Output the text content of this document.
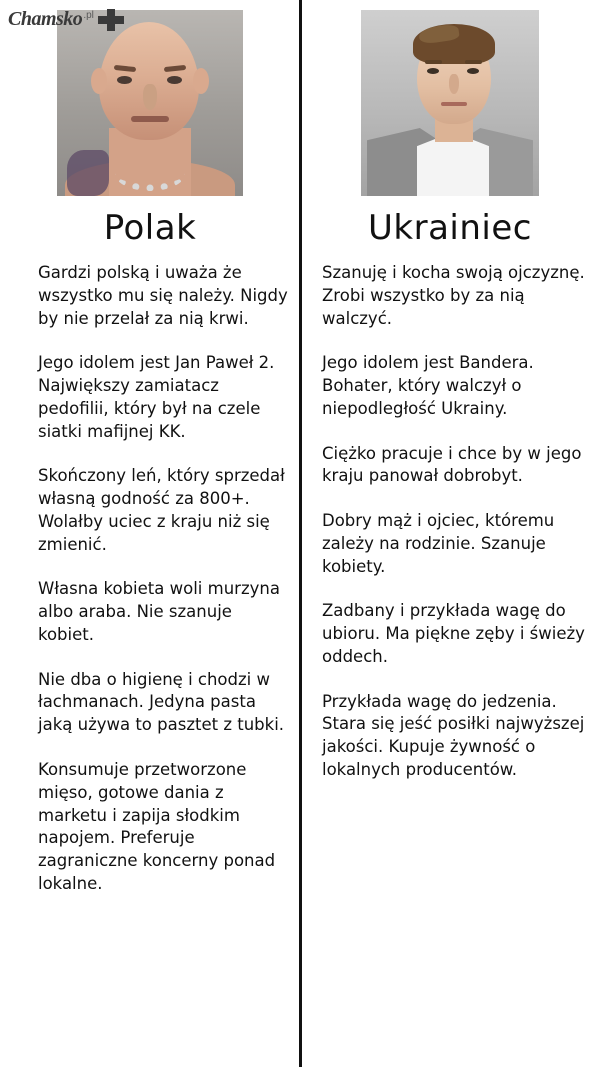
Chamsko .pl
Polak
Gardzi polską i uważa że wszystko mu się należy. Nigdy by nie przelał za nią krwi.
Jego idolem jest Jan Paweł 2. Największy zamiatacz pedofilii, który był na czele siatki mafijnej KK.
Skończony leń, który sprzedał własną godność za 800+. Wolałby uciec z kraju niż się zmienić.
Własna kobieta woli murzyna albo araba. Nie szanuje kobiet.
Nie dba o higienę i chodzi w łachmanach. Jedyna pasta jaką używa to pasztet z tubki.
Konsumuje przetworzone mięso, gotowe dania z marketu i zapija słodkim napojem. Preferuje zagraniczne koncerny ponad lokalne.
Ukrainiec
Szanuję i kocha swoją ojczyznę. Zrobi wszystko by za nią walczyć.
Jego idolem jest Bandera. Bohater, który walczył o niepodległość Ukrainy.
Ciężko pracuje i chce by w jego kraju panował dobrobyt.
Dobry mąż i ojciec, któremu zależy na rodzinie. Szanuje kobiety.
Zadbany i przykłada wagę do ubioru. Ma piękne zęby i świeży oddech.
Przykłada wagę do jedzenia. Stara się jeść posiłki najwyższej jakości. Kupuje żywność o lokalnych producentów.
